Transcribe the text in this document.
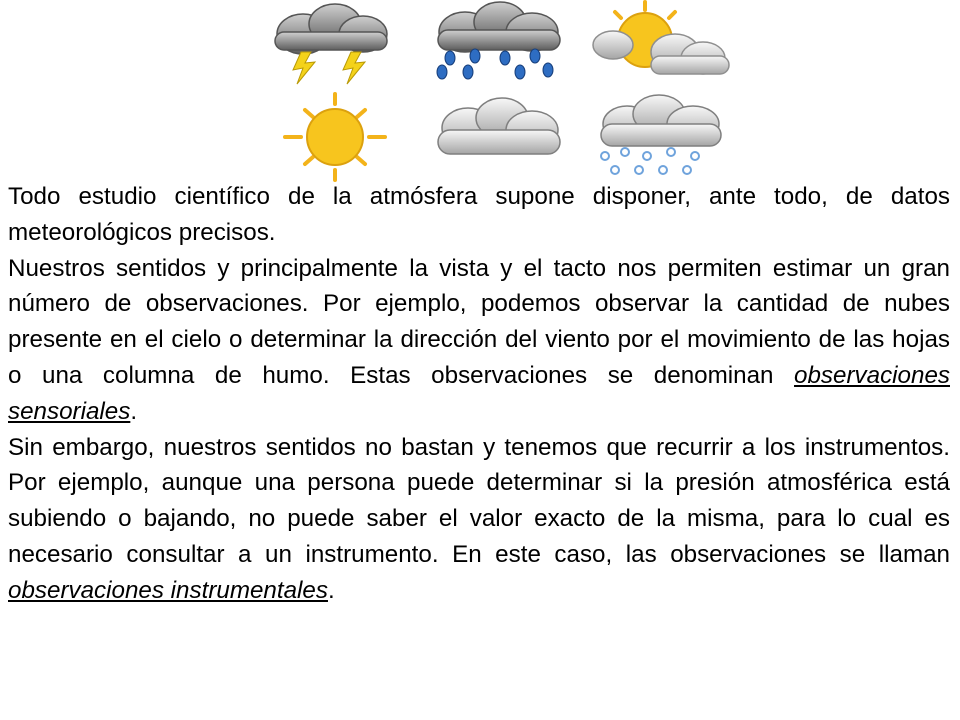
Todo estudio científico de la atmósfera supone disponer, ante todo, de datos meteorológicos precisos.

Nuestros sentidos y principalmente la vista y el tacto nos permiten estimar un gran número de observaciones. Por ejemplo, podemos observar la cantidad de nubes presente en el cielo o determinar la dirección del viento por el movimiento de las hojas o una columna de humo. Estas observaciones se denominan observaciones sensoriales.

Sin embargo, nuestros sentidos no bastan y tenemos que recurrir a los instrumentos. Por ejemplo, aunque una persona puede determinar si la presión atmosférica está subiendo o bajando, no puede saber el valor exacto de la misma, para lo cual es necesario consultar a un instrumento. En este caso, las observaciones se llaman observaciones instrumentales.
